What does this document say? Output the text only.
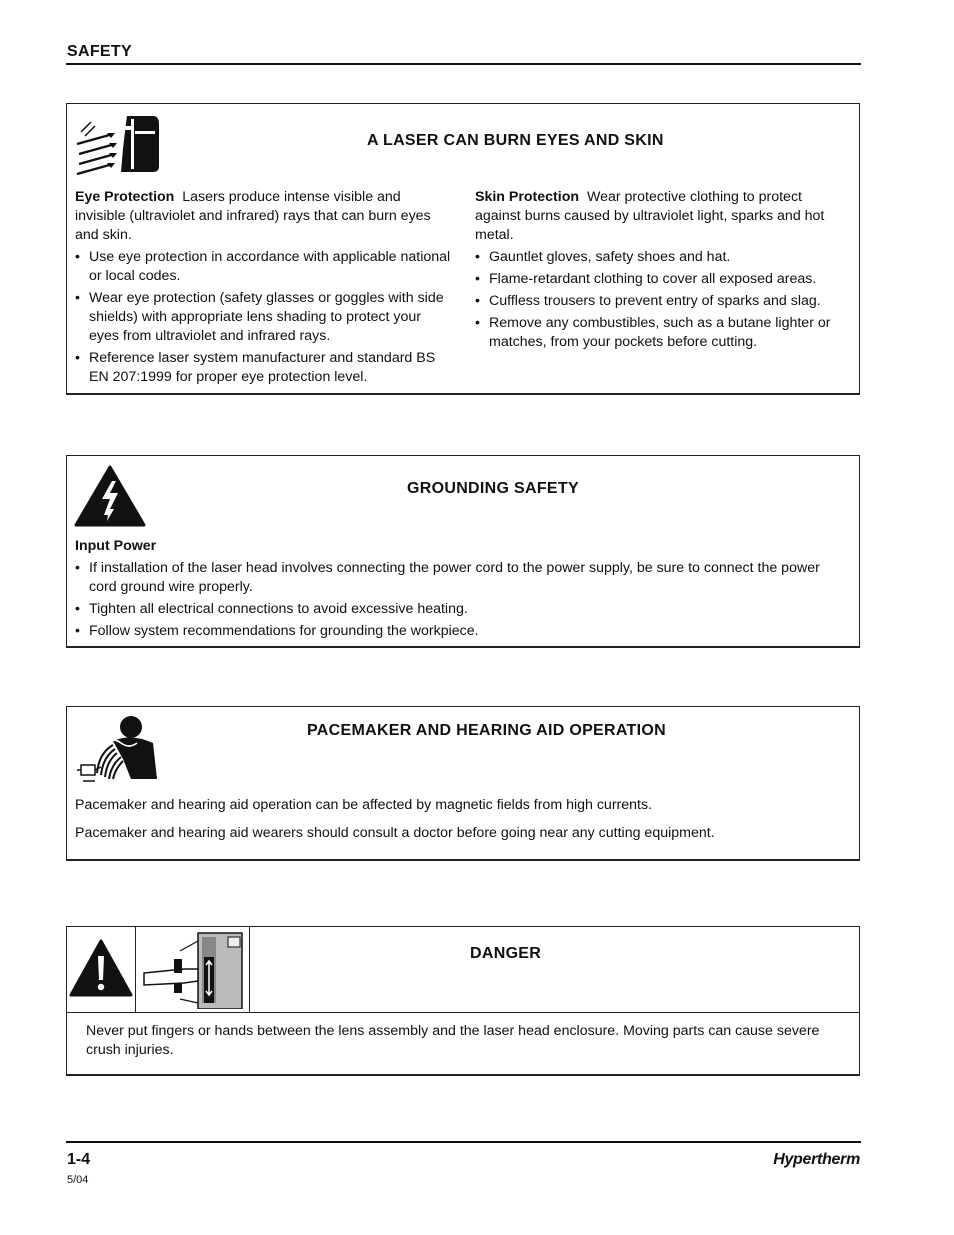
SAFETY
A LASER CAN BURN EYES AND SKIN
Eye Protection Lasers produce intense visible and invisible (ultraviolet and infrared) rays that can burn eyes and skin.
• Use eye protection in accordance with applicable national or local codes.
• Wear eye protection (safety glasses or goggles with side shields) with appropriate lens shading to protect your eyes from ultraviolet and infrared rays.
• Reference laser system manufacturer and standard BS EN 207:1999 for proper eye protection level.
Skin Protection Wear protective clothing to protect against burns caused by ultraviolet light, sparks and hot metal.
• Gauntlet gloves, safety shoes and hat.
• Flame-retardant clothing to cover all exposed areas.
• Cuffless trousers to prevent entry of sparks and slag.
• Remove any combustibles, such as a butane lighter or matches, from your pockets before cutting.
GROUNDING SAFETY
Input Power
• If installation of the laser head involves connecting the power cord to the power supply, be sure to connect the power cord ground wire properly.
• Tighten all electrical connections to avoid excessive heating.
• Follow system recommendations for grounding the workpiece.
PACEMAKER AND HEARING AID OPERATION
Pacemaker and hearing aid operation can be affected by magnetic fields from high currents.
Pacemaker and hearing aid wearers should consult a doctor before going near any cutting equipment.
DANGER
Never put fingers or hands between the lens assembly and the laser head enclosure. Moving parts can cause severe crush injuries.
1-4
5/04
Hypertherm
